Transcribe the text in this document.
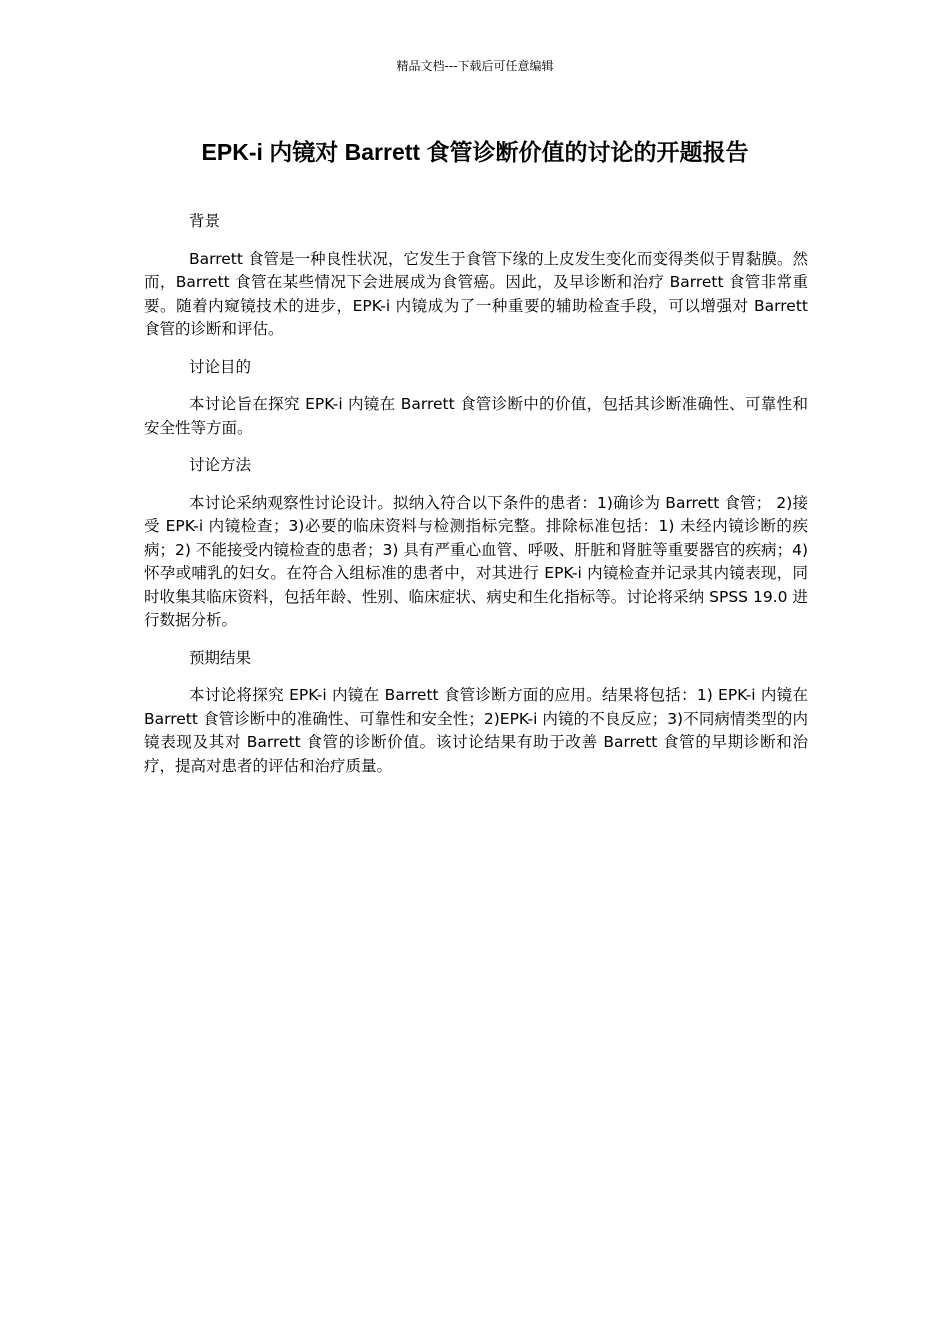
精品文档---下载后可任意编辑
EPK-i 内镜对 Barrett 食管诊断价值的讨论的开题报告

背景

Barrett 食管是一种良性状况，它发生于食管下缘的上皮发生变化而变得类似于胃黏膜。然而，Barrett 食管在某些情况下会进展成为食管癌。因此，及早诊断和治疗 Barrett 食管非常重要。随着内窥镜技术的进步，EPK-i 内镜成为了一种重要的辅助检查手段，可以增强对 Barrett 食管的诊断和评估。

讨论目的

本讨论旨在探究 EPK-i 内镜在 Barrett 食管诊断中的价值，包括其诊断准确性、可靠性和安全性等方面。

讨论方法

本讨论采纳观察性讨论设计。拟纳入符合以下条件的患者：1)确诊为 Barrett 食管； 2)接受 EPK-i 内镜检查；3)必要的临床资料与检测指标完整。排除标准包括：1) 未经内镜诊断的疾病；2) 不能接受内镜检查的患者；3) 具有严重心血管、呼吸、肝脏和肾脏等重要器官的疾病；4) 怀孕或哺乳的妇女。在符合入组标准的患者中，对其进行 EPK-i 内镜检查并记录其内镜表现，同时收集其临床资料，包括年龄、性别、临床症状、病史和生化指标等。讨论将采纳 SPSS 19.0 进行数据分析。

预期结果

本讨论将探究 EPK-i 内镜在 Barrett 食管诊断方面的应用。结果将包括：1) EPK-i 内镜在 Barrett 食管诊断中的准确性、可靠性和安全性；2)EPK-i 内镜的不良反应；3)不同病情类型的内镜表现及其对 Barrett 食管的诊断价值。该讨论结果有助于改善 Barrett 食管的早期诊断和治疗，提高对患者的评估和治疗质量。
